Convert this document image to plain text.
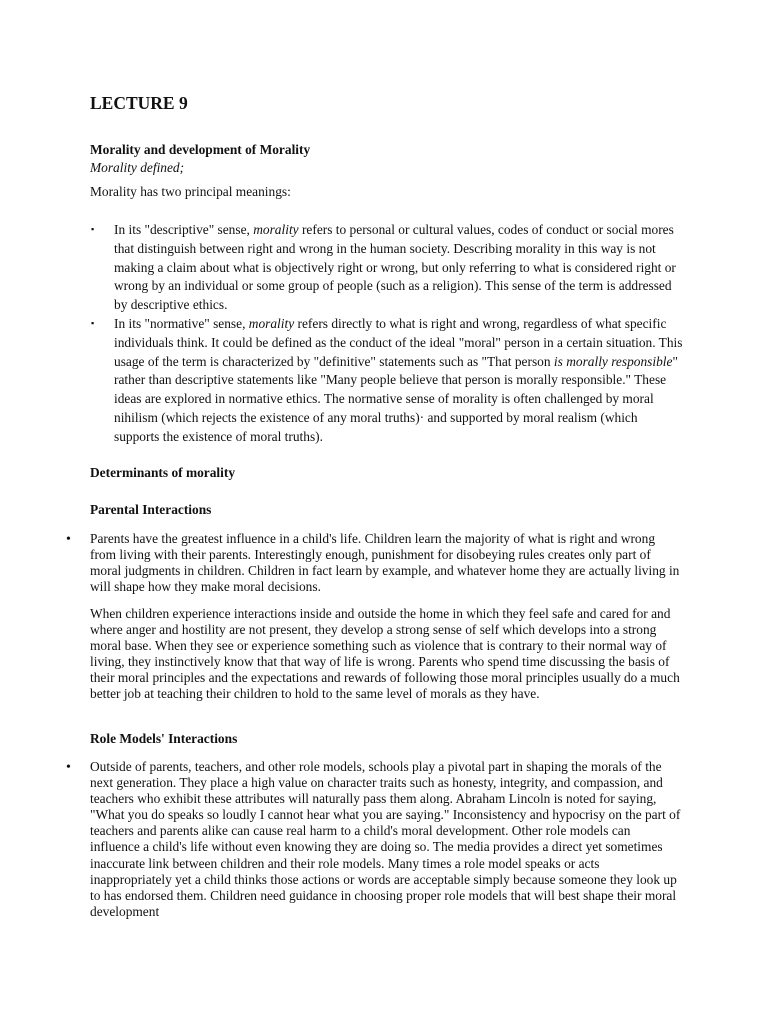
LECTURE 9
Morality and development of Morality
Morality defined;
Morality has two principal meanings:
▪ In its "descriptive" sense, morality refers to personal or cultural values, codes of conduct or social mores that distinguish between right and wrong in the human society. Describing morality in this way is not making a claim about what is objectively right or wrong, but only referring to what is considered right or wrong by an individual or some group of people (such as a religion). This sense of the term is addressed by descriptive ethics.

▪ In its "normative" sense, morality refers directly to what is right and wrong, regardless of what specific individuals think. It could be defined as the conduct of the ideal "moral" person in a certain situation. This usage of the term is characterized by "definitive" statements such as "That person is morally responsible" rather than descriptive statements like "Many people believe that person is morally responsible." These ideas are explored in normative ethics. The normative sense of morality is often challenged by moral nihilism (which rejects the existence of any moral truths)· and supported by moral realism (which supports the existence of moral truths).

Determinants of morality
Parental Interactions
• Parents have the greatest influence in a child's life. Children learn the majority of what is right and wrong from living with their parents. Interestingly enough, punishment for disobeying rules creates only part of moral judgments in children. Children in fact learn by example, and whatever home they are actually living in will shape how they make moral decisions.

When children experience interactions inside and outside the home in which they feel safe and cared for and where anger and hostility are not present, they develop a strong sense of self which develops into a strong moral base. When they see or experience something such as violence that is contrary to their normal way of living, they instinctively know that that way of life is wrong. Parents who spend time discussing the basis of their moral principles and the expectations and rewards of following those moral principles usually do a much better job at teaching their children to hold to the same level of morals as they have.

Role Models' Interactions
• Outside of parents, teachers, and other role models, schools play a pivotal part in shaping the morals of the next generation. They place a high value on character traits such as honesty, integrity, and compassion, and teachers who exhibit these attributes will naturally pass them along. Abraham Lincoln is noted for saying, "What you do speaks so loudly I cannot hear what you are saying." Inconsistency and hypocrisy on the part of teachers and parents alike can cause real harm to a child's moral development. Other role models can influence a child's life without even knowing they are doing so. The media provides a direct yet sometimes inaccurate link between children and their role models. Many times a role model speaks or acts inappropriately yet a child thinks those actions or words are acceptable simply because someone they look up to has endorsed them. Children need guidance in choosing proper role models that will best shape their moral development
